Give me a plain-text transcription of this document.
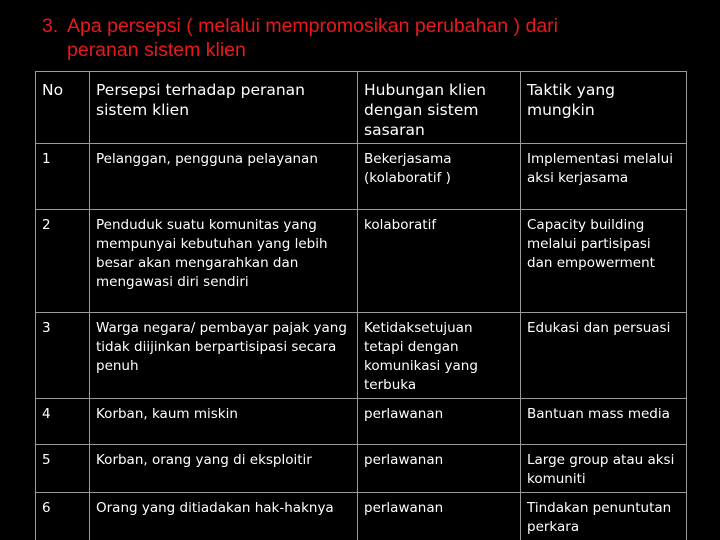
3. Apa persepsi ( melalui mempromosikan perubahan ) dari
peranan sistem klien
No	Persepsi terhadap peranan sistem klien	Hubungan klien dengan sistem sasaran	Taktik yang mungkin
1	Pelanggan, pengguna pelayanan	Bekerjasama (kolaboratif )	Implementasi melalui aksi kerjasama
2	Penduduk suatu komunitas yang mempunyai kebutuhan yang lebih besar akan mengarahkan dan mengawasi diri sendiri	kolaboratif	Capacity building melalui partisipasi dan empowerment
3	Warga negara/ pembayar pajak yang tidak diijinkan berpartisipasi secara penuh	Ketidaksetujuan tetapi dengan komunikasi yang terbuka	Edukasi dan persuasi
4	Korban, kaum miskin	perlawanan	Bantuan mass media
5	Korban, orang yang di eksploitir	perlawanan	Large group atau aksi komuniti
6	Orang yang ditiadakan hak-haknya	perlawanan	Tindakan penuntutan perkara
